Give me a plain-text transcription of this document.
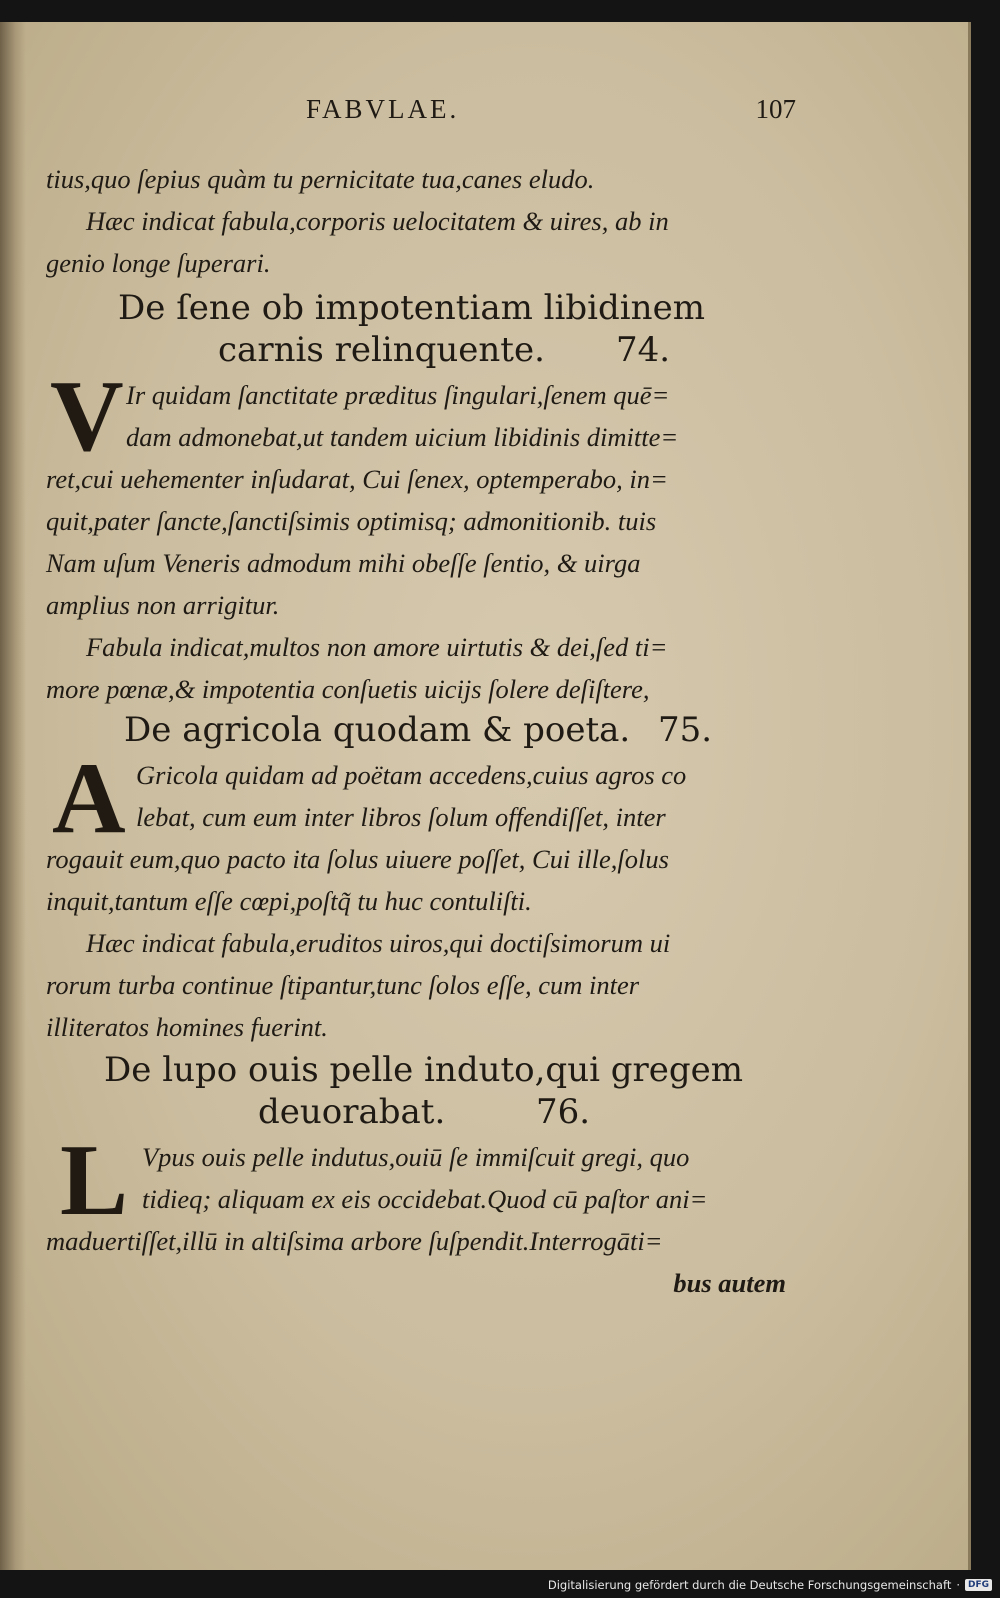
FABVLAE.	107
tius,quo ſepius quàm tu pernicitate tua,canes eludo.
Hæc indicat fabula,corporis uelocitatem & uires, ab in
genio longe ſuperari.
De ſene ob impotentiam libidinem
carnis relinquente. 74.
V Ir quidam ſanctitate præditus ſingulari,ſenem quē=
dam admonebat,ut tandem uicium libidinis dimitte=
ret,cui uehementer inſudarat, Cui ſenex, optemperabo, in=
quit,pater ſancte,ſanctiſsimis optimisq; admonitionib. tuis
Nam uſum Veneris admodum mihi obeſſe ſentio, & uirga
amplius non arrigitur.
Fabula indicat,multos non amore uirtutis & dei,ſed ti=
more pœnæ,& impotentia conſuetis uicijs ſolere deſiſtere,
De agricola quodam & poeta. 75.
A Gricola quidam ad poëtam accedens,cuius agros co
lebat, cum eum inter libros ſolum offendiſſet, inter
rogauit eum,quo pacto ita ſolus uiuere poſſet, Cui ille,ſolus
inquit,tantum eſſe cœpi,poſtq̃ tu huc contuliſti.
Hæc indicat fabula,eruditos uiros,qui doctiſsimorum ui
rorum turba continue ſtipantur,tunc ſolos eſſe, cum inter
illiteratos homines fuerint.
De lupo ouis pelle induto,qui gregem
deuorabat.	76.
L Vpus ouis pelle indutus,ouiū ſe immiſcuit gregi, quo
tidieq; aliquam ex eis occidebat.Quod cū paſtor ani=
maduertiſſet,illū in altiſsima arbore ſuſpendit.Interrogāti=
bus autem
Digitalisierung gefördert durch die Deutsche Forschungsgemeinschaft · DFG
